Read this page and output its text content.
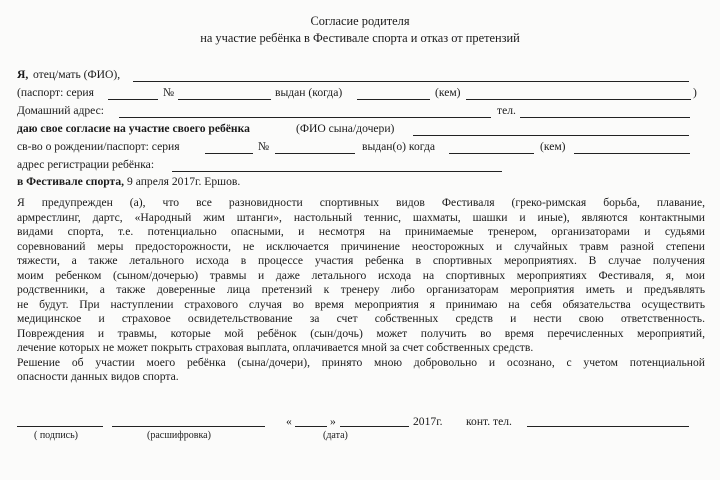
Согласие родителя
на участие ребёнка в Фестивале спорта и отказ от претензий
Я, отец/мать (ФИО),
(паспорт: серия	№	выдан (когда)	(кем)	)
Домашний адрес:	тел.
даю свое согласие на участие своего ребёнка	(ФИО сына/дочери)
св-во о рождении/паспорт: серия	№	выдан(о) когда	(кем)
адрес регистрации ребёнка:
в Фестивале спорта, 9 апреля 2017г. Ершов.
«	»	2017г. конт. тел.
( подпись)	(расшифровка)	(дата)
Я предупрежден (а), что все разновидности спортивных видов Фестиваля (греко-римская борьба, плавание,
армрестлинг, дартс, «Народный жим штанги», настольный теннис, шахматы, шашки и иные), являются контактными
видами спорта, т.е. потенциально опасными, и несмотря на принимаемые тренером, организаторами и судьями
соревнований меры предосторожности, не исключается причинение неосторожных и случайных травм разной степени
тяжести, а также летального исхода в процессе участия ребенка в спортивных мероприятиях. В случае получения
моим ребенком (сыном/дочерью) травмы и даже летального исхода на спортивных мероприятиях Фестиваля, я, мои
родственники, а также доверенные лица претензий к тренеру либо организаторам мероприятия иметь и предъявлять
не будут. При наступлении страхового случая во время мероприятия я принимаю на себя обязательства осуществить
медицинское и страховое освидетельствование за счет собственных средств и нести свою ответственность.
Повреждения и травмы, которые мой ребёнок (сын/дочь) может получить во время перечисленных мероприятий,
лечение которых не может покрыть страховая выплата, оплачивается мной за счет собственных средств.
Решение об участии моего ребёнка (сына/дочери), принято мною добровольно и осознано, с учетом потенциальной
опасности данных видов спорта.
